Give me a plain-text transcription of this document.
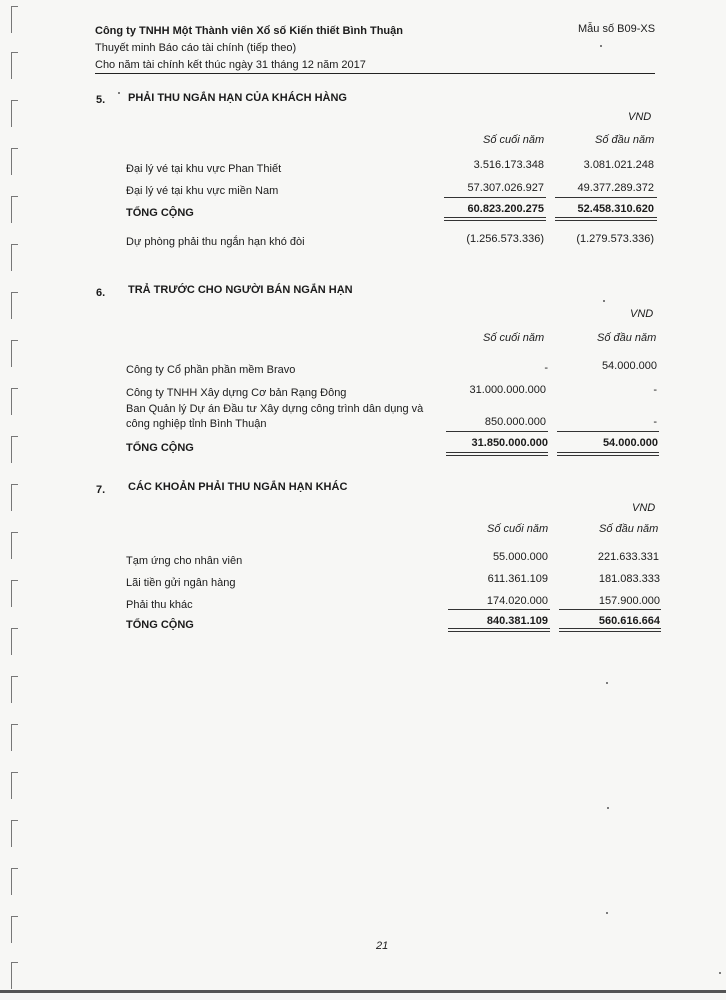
Công ty TNHH Một Thành viên Xổ số Kiến thiết Bình Thuận	Mẫu số B09-XS
Thuyết minh Báo cáo tài chính (tiếp theo)
Cho năm tài chính kết thúc ngày 31 tháng 12 năm 2017
5. PHẢI THU NGẮN HẠN CỦA KHÁCH HÀNG
VND
Số cuối năm	Số đầu năm
Đại lý vé tại khu vực Phan Thiết	3.516.173.348	3.081.021.248
Đại lý vé tại khu vực miền Nam	57.307.026.927	49.377.289.372
TỔNG CỘNG	60.823.200.275	52.458.310.620
Dự phòng phải thu ngắn hạn khó đòi	(1.256.573.336)	(1.279.573.336)
6. TRẢ TRƯỚC CHO NGƯỜI BÁN NGẮN HẠN
VND
Số cuối năm	Số đầu năm
Công ty Cổ phần phần mềm Bravo	-	54.000.000
Công ty TNHH Xây dựng Cơ bản Rạng Đông	31.000.000.000	-
Ban Quản lý Dự án Đầu tư Xây dựng công trình dân dụng và
công nghiệp tỉnh Bình Thuận	850.000.000	-
TỔNG CỘNG	31.850.000.000	54.000.000
7. CÁC KHOẢN PHẢI THU NGẮN HẠN KHÁC
VND
Số cuối năm	Số đầu năm
Tạm ứng cho nhân viên	55.000.000	221.633.331
Lãi tiền gửi ngân hàng	611.361.109	181.083.333
Phải thu khác	174.020.000	157.900.000
TỔNG CỘNG	840.381.109	560.616.664
21
